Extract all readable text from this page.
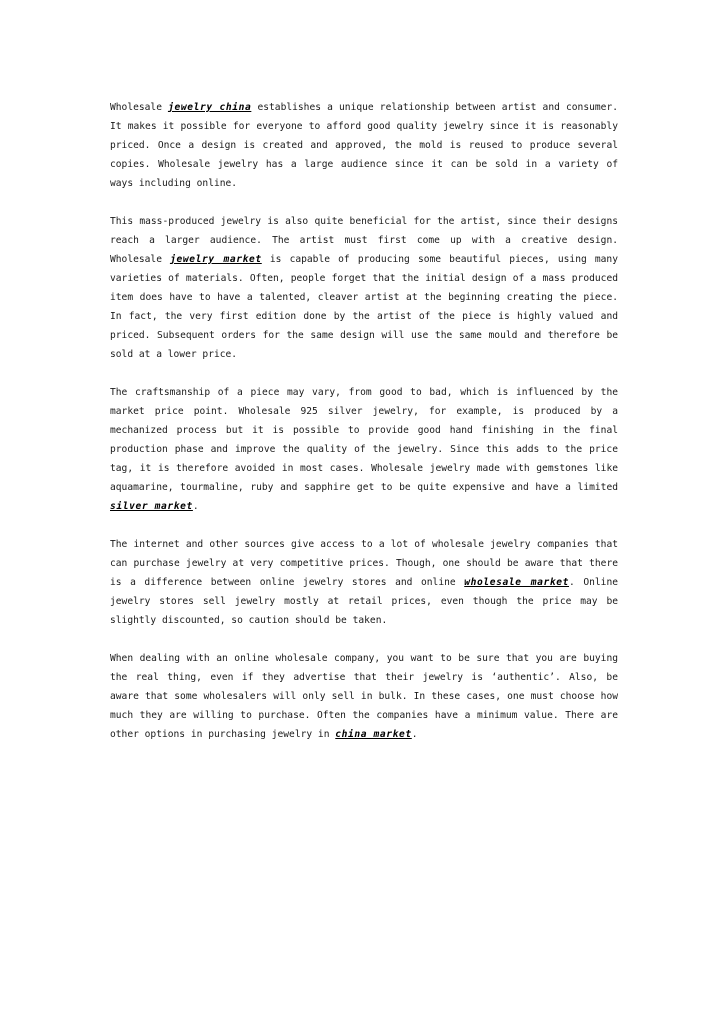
Wholesale jewelry china establishes a unique relationship between artist and consumer. It makes it possible for everyone to afford good quality jewelry since it is reasonably priced. Once a design is created and approved, the mold is reused to produce several copies. Wholesale jewelry has a large audience since it can be sold in a variety of ways including online.

This mass-produced jewelry is also quite beneficial for the artist, since their designs reach a larger audience. The artist must first come up with a creative design. Wholesale jewelry market is capable of producing some beautiful pieces, using many varieties of materials. Often, people forget that the initial design of a mass produced item does have to have a talented, cleaver artist at the beginning creating the piece. In fact, the very first edition done by the artist of the piece is highly valued and priced. Subsequent orders for the same design will use the same mould and therefore be sold at a lower price.

The craftsmanship of a piece may vary, from good to bad, which is influenced by the market price point. Wholesale 925 silver jewelry, for example, is produced by a mechanized process but it is possible to provide good hand finishing in the final production phase and improve the quality of the jewelry. Since this adds to the price tag, it is therefore avoided in most cases. Wholesale jewelry made with gemstones like aquamarine, tourmaline, ruby and sapphire get to be quite expensive and have a limited silver market.

The internet and other sources give access to a lot of wholesale jewelry companies that can purchase jewelry at very competitive prices. Though, one should be aware that there is a difference between online jewelry stores and online wholesale market. Online jewelry stores sell jewelry mostly at retail prices, even though the price may be slightly discounted, so caution should be taken.

When dealing with an online wholesale company, you want to be sure that you are buying the real thing, even if they advertise that their jewelry is ‘authentic’. Also, be aware that some wholesalers will only sell in bulk. In these cases, one must choose how much they are willing to purchase. Often the companies have a minimum value. There are other options in purchasing jewelry in china market.
